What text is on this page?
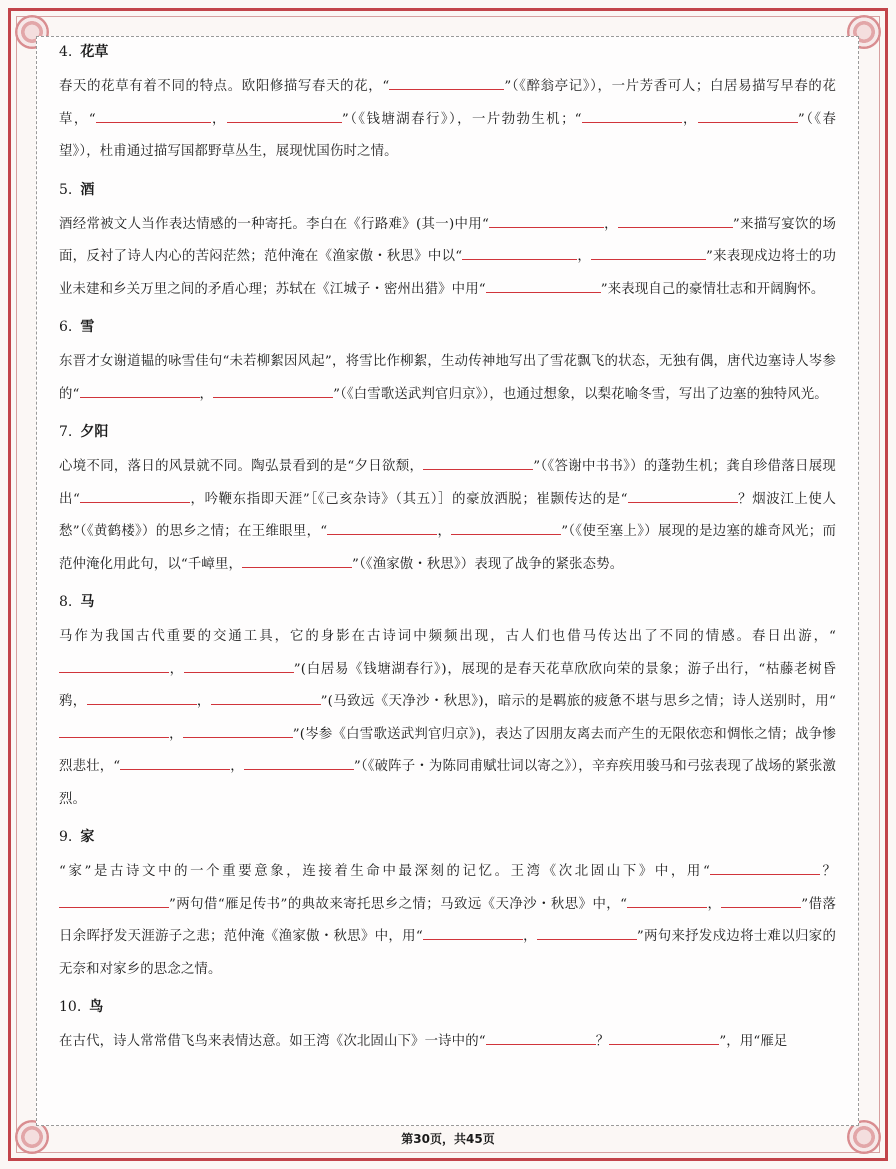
4. 花草
春天的花草有着不同的特点。欧阳修描写春天的花，“	”（《醉翁亭记》），一片芳香可人；白居易描写早春的花草，“	，	”（《钱塘湖春行》），一片勃勃生机；“	，	”（《春望》），杜甫通过描写国都野草丛生，展现忧国伤时之情。
5. 酒
酒经常被文人当作表达情感的一种寄托。李白在《行路难》(其一)中用“	，	”来描写宴饮的场面，反衬了诗人内心的苦闷茫然；范仲淹在《渔家傲・秋思》中以“	，	”来表现戍边将士的功业未建和乡关万里之间的矛盾心理；苏轼在《江城子・密州出猎》中用“	”来表现自己的豪情壮志和开阔胸怀。
6. 雪
东晋才女谢道韫的咏雪佳句“未若柳絮因风起”，将雪比作柳絮，生动传神地写出了雪花飘飞的状态，无独有偶，唐代边塞诗人岑参的“	，	”（《白雪歌送武判官归京》），也通过想象，以梨花喻冬雪，写出了边塞的独特风光。
7. 夕阳
心境不同，落日的风景就不同。陶弘景看到的是“夕日欲颓，	”（《答谢中书书》）的蓬勃生机；龚自珍借落日展现出“	，吟鞭东指即天涯”［《己亥杂诗》（其五）］的豪放洒脱；崔颢传达的是“	？烟波江上使人愁”（《黄鹤楼》）的思乡之情；在王维眼里，“	，	”（《使至塞上》）展现的是边塞的雄奇风光；而范仲淹化用此句，以“千嶂里，	”（《渔家傲・秋思》）表现了战争的紧张态势。
8. 马
马作为我国古代重要的交通工具，它的身影在古诗词中频频出现，古人们也借马传达出了不同的情感。春日出游，“，	”(白居易《钱塘湖春行》)，展现的是春天花草欣欣向荣的景象；游子出行，“枯藤老树昏鸦，	，	”(马致远《天净沙・秋思》)，暗示的是羁旅的疲惫不堪与思乡之情；诗人送别时，用“，	”(岑参《白雪歌送武判官归京》)，表达了因朋友离去而产生的无限依恋和惆怅之情；战争惨烈悲壮，“	，	”（《破阵子・为陈同甫赋壮词以寄之》），辛弃疾用骏马和弓弦表现了战场的紧张激烈。
9. 家
“家”是古诗文中的一个重要意象，连接着生命中最深刻的记忆。王湾《次北固山下》中，用“	？”两句借“雁足传书”的典故来寄托思乡之情；马致远《天净沙・秋思》中，“	，	”借落日余晖抒发天涯游子之悲；范仲淹《渔家傲・秋思》中，用“	，	”两句来抒发戍边将士难以归家的无奈和对家乡的思念之情。
10. 鸟
在古代，诗人常常借飞鸟来表情达意。如王湾《次北固山下》一诗中的“	？	”，用“雁足
第30页，共45页
